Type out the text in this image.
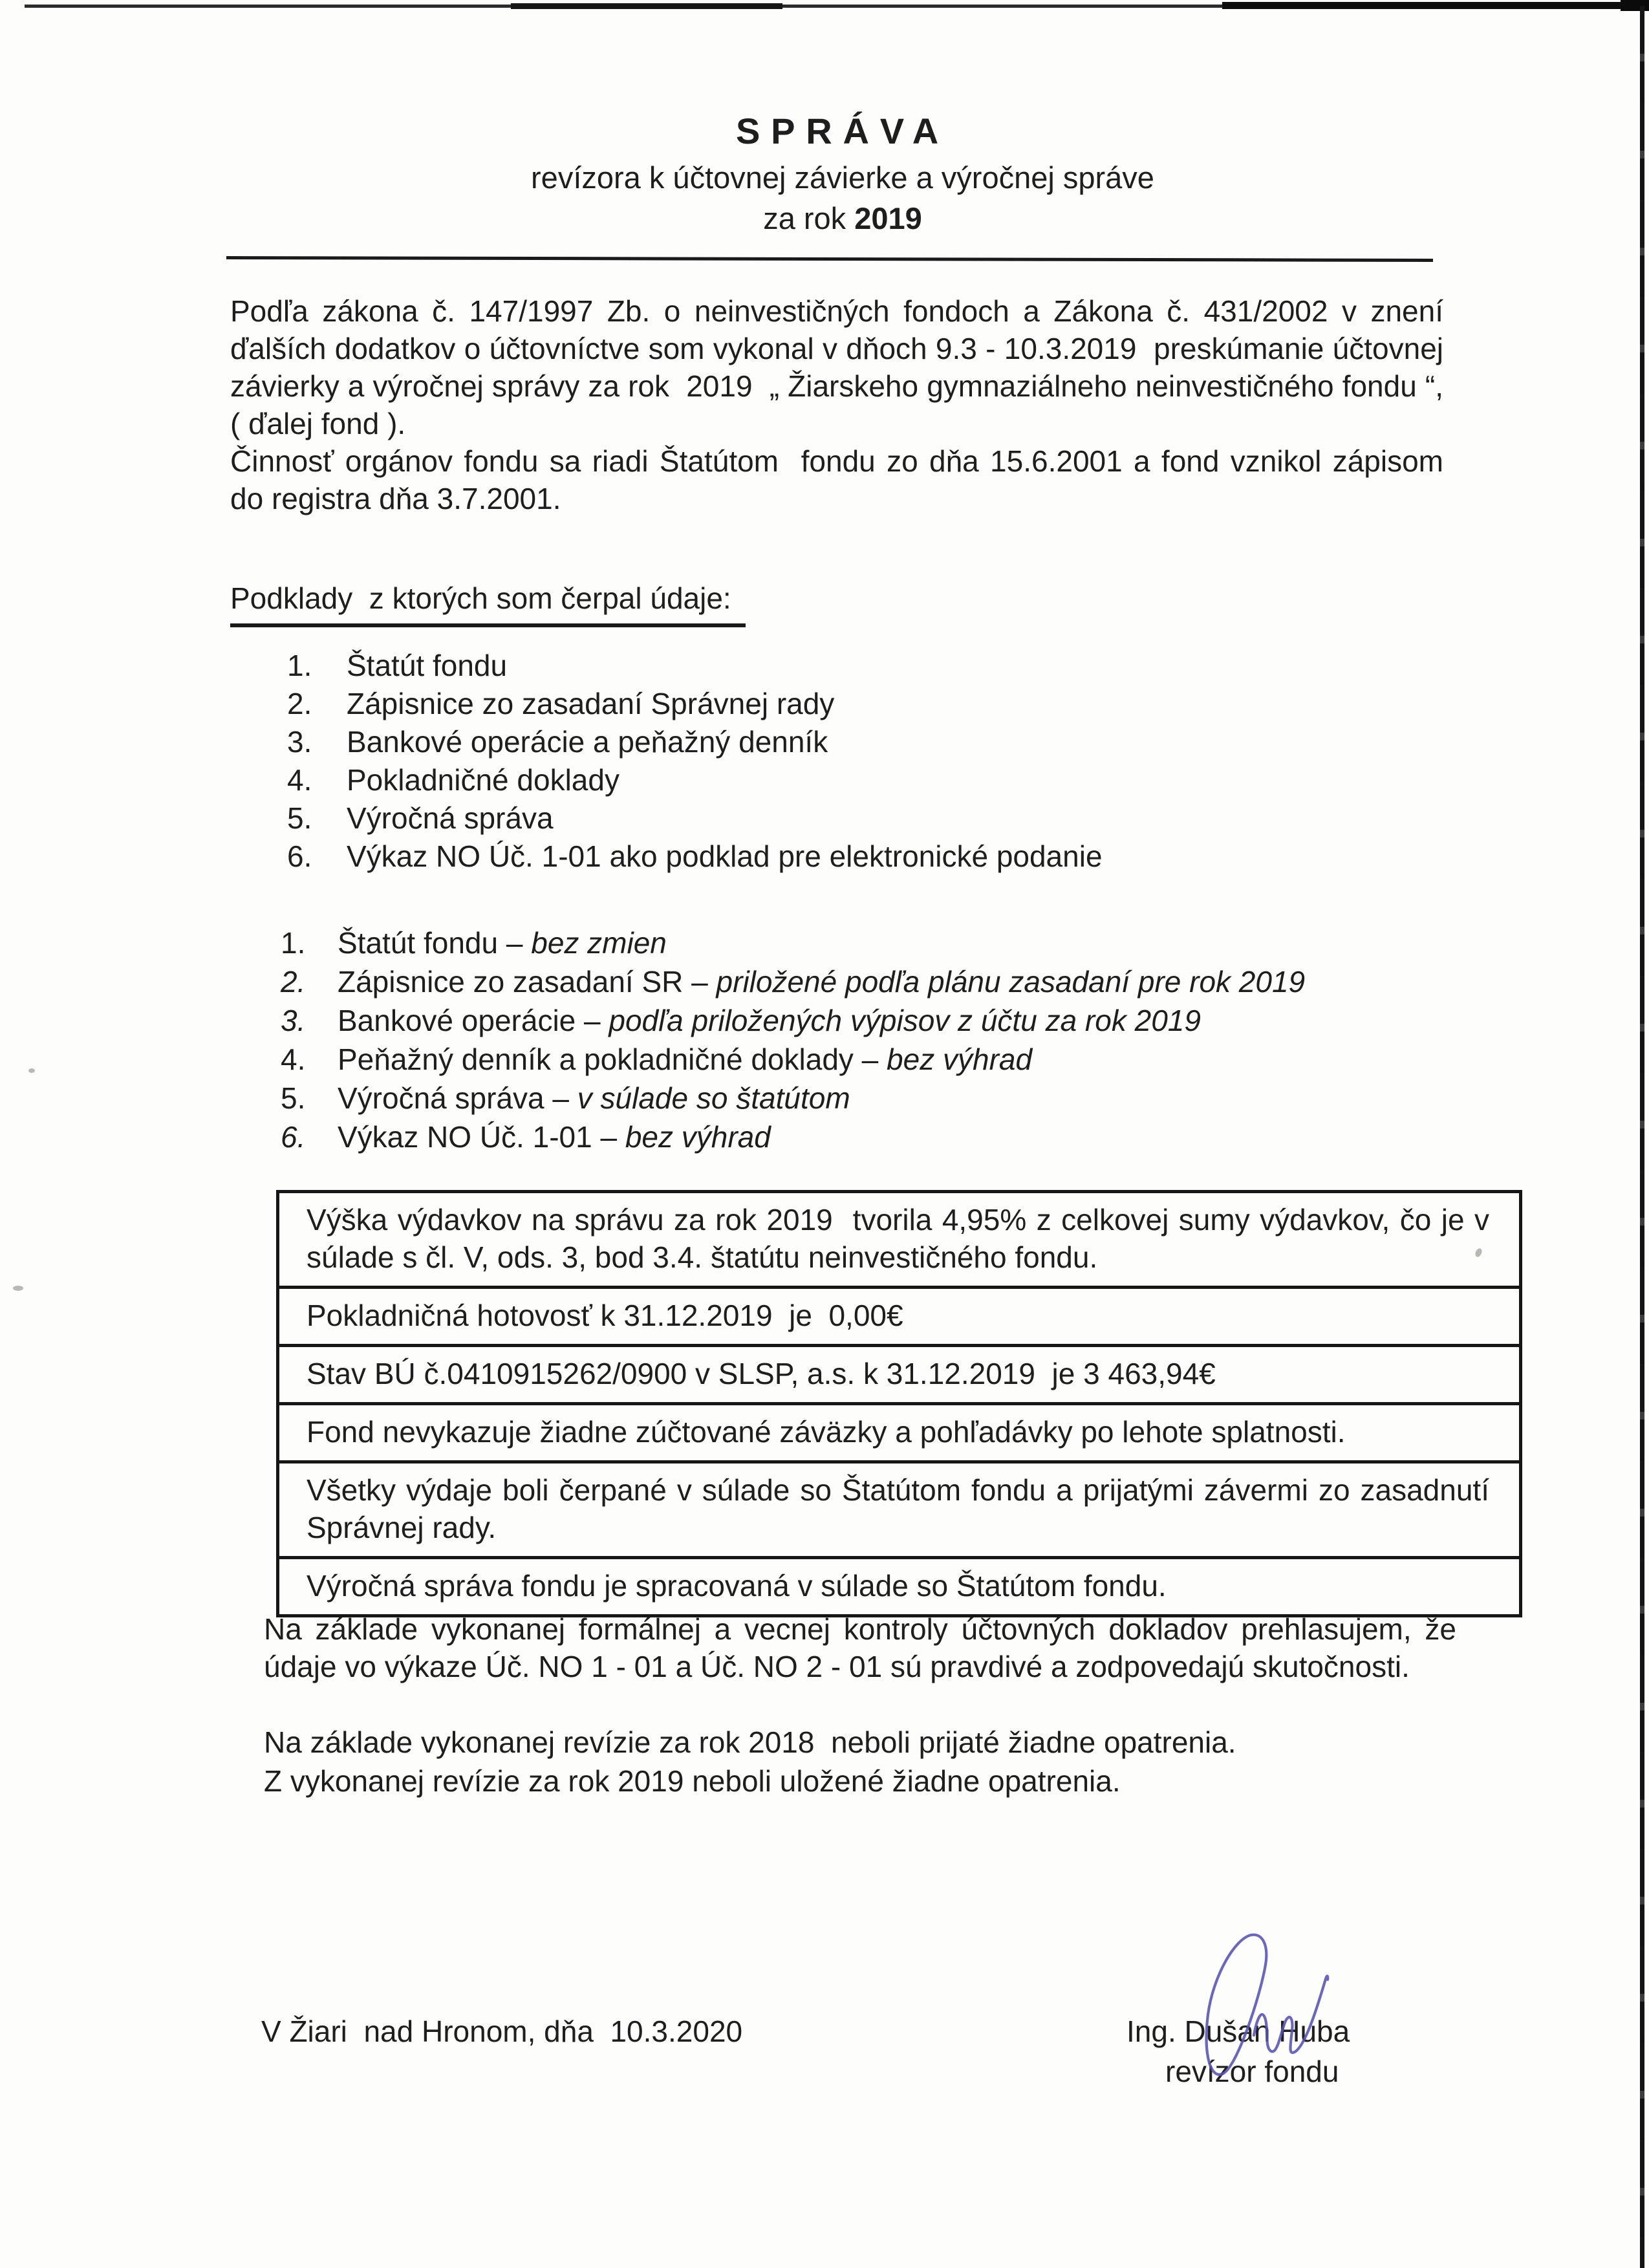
SPRÁVA
revízora k účtovnej závierke a výročnej správe
za rok 2019

Podľa zákona č. 147/1997 Zb. o neinvestičných fondoch a Zákona č. 431/2002 v znení ďalších dodatkov o účtovníctve som vykonal v dňoch 9.3 - 10.3.2019  preskúmanie účtovnej závierky a výročnej správy za rok  2019  „ Žiarskeho gymnaziálneho neinvestičného fondu “, ( ďalej fond ).

Činnosť orgánov fondu sa riadi Štatútom  fondu zo dňa 15.6.2001 a fond vznikol zápisom do registra dňa 3.7.2001.

Podklady  z ktorých som čerpal údaje:
1.	Štatút fondu
2.	Zápisnice zo zasadaní Správnej rady
3.	Bankové operácie a peňažný denník
4.	Pokladničné doklady
5.	Výročná správa
6.	Výkaz NO Úč. 1-01 ako podklad pre elektronické podanie
1.	Štatút fondu – bez zmien
2.	Zápisnice zo zasadaní SR – priložené podľa plánu zasadaní pre rok 2019
3.	Bankové operácie – podľa priložených výpisov z účtu za rok 2019
4.	Peňažný denník a pokladničné doklady – bez výhrad
5.	Výročná správa – v súlade so štatútom
6.	Výkaz NO Úč. 1-01 – bez výhrad
Výška výdavkov na správu za rok 2019  tvorila 4,95% z celkovej sumy výdavkov, čo je v súlade s čl. V, ods. 3, bod 3.4. štatútu neinvestičného fondu.
Pokladničná hotovosť k 31.12.2019  je  0,00€
Stav BÚ č.0410915262/0900 v SLSP, a.s. k 31.12.2019  je 3 463,94€
Fond nevykazuje žiadne zúčtované záväzky a pohľadávky po lehote splatnosti.
Všetky výdaje boli čerpané v súlade so Štatútom fondu a prijatými závermi zo zasadnutí Správnej rady.
Výročná správa fondu je spracovaná v súlade so Štatútom fondu.

Na základe vykonanej formálnej a vecnej kontroly účtovných dokladov prehlasujem, že údaje vo výkaze Úč. NO 1 - 01 a Úč. NO 2 - 01 sú pravdivé a zodpovedajú skutočnosti.

Na základe vykonanej revízie za rok 2018  neboli prijaté žiadne opatrenia.
Z vykonanej revízie za rok 2019 neboli uložené žiadne opatrenia.
V Žiari  nad Hronom, dňa  10.3.2020	Ing. Dušan Huba
revízor fondu
